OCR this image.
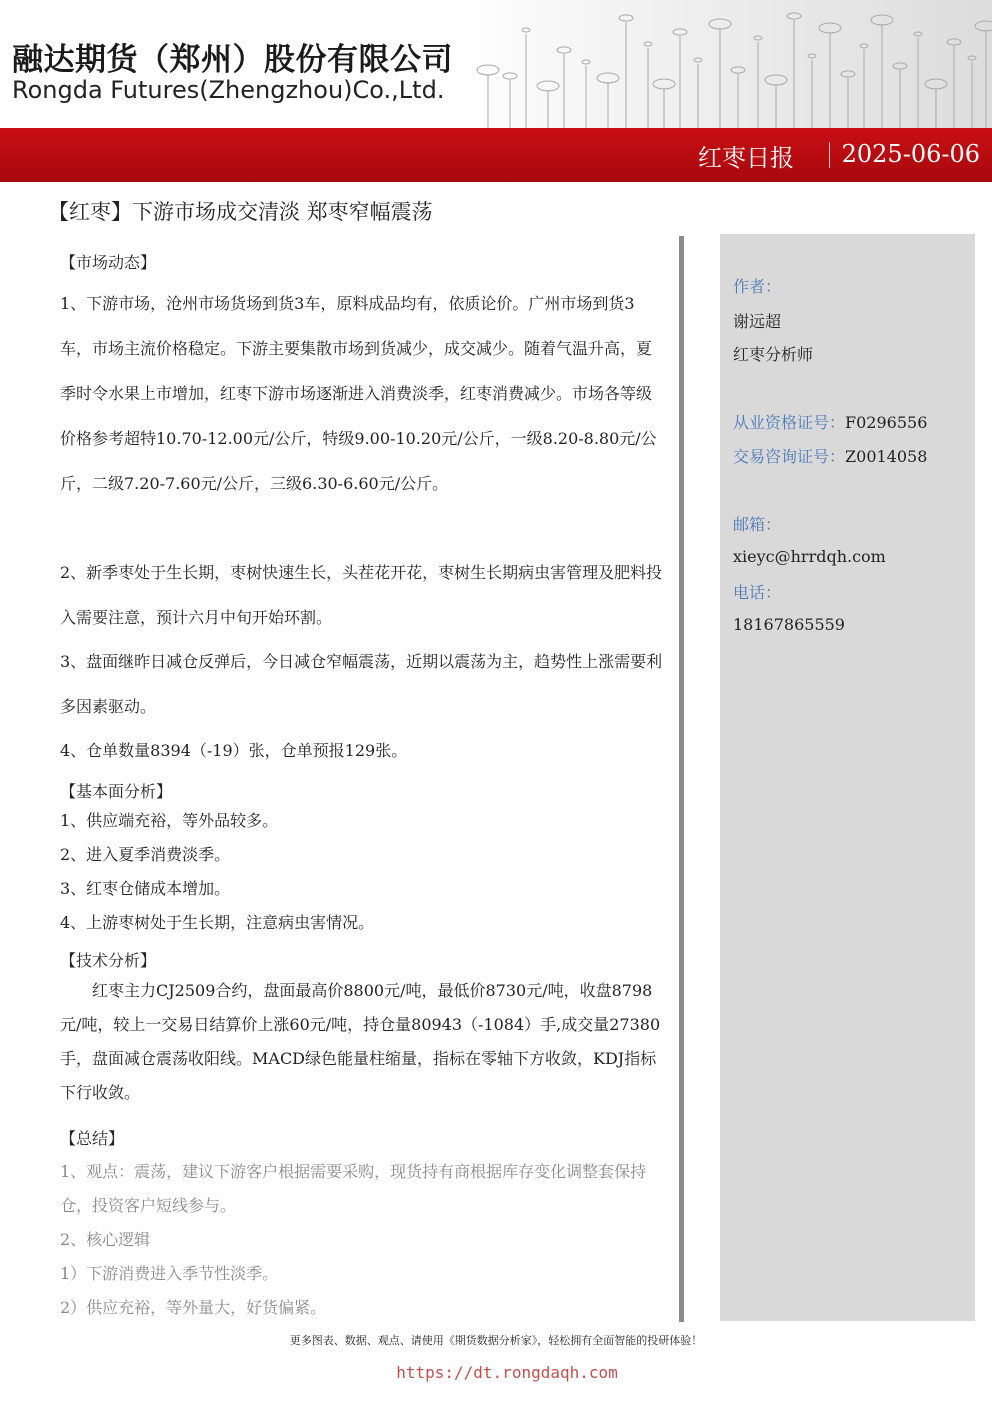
融达期货（郑州）股份有限公司
Rongda Futures(Zhengzhou)Co.,Ltd.
红枣日报 2025-06-06
【红枣】下游市场成交清淡 郑枣窄幅震荡
【市场动态】
1、下游市场，沧州市场货场到货3车，原料成品均有，依质论价。广州市场到货3车，市场主流价格稳定。下游主要集散市场到货减少，成交减少。随着气温升高，夏季时令水果上市增加，红枣下游市场逐渐进入消费淡季，红枣消费减少。市场各等级价格参考超特10.70-12.00元/公斤，特级9.00-10.20元/公斤，一级8.20-8.80元/公斤，二级7.20-7.60元/公斤，三级6.30-6.60元/公斤。
2、新季枣处于生长期，枣树快速生长，头茬花开花，枣树生长期病虫害管理及肥料投入需要注意，预计六月中旬开始环割。
3、盘面继昨日减仓反弹后，今日减仓窄幅震荡，近期以震荡为主，趋势性上涨需要利多因素驱动。
4、仓单数量8394（-19）张，仓单预报129张。
【基本面分析】
1、供应端充裕，等外品较多。
2、进入夏季消费淡季。
3、红枣仓储成本增加。
4、上游枣树处于生长期，注意病虫害情况。
【技术分析】
红枣主力CJ2509合约，盘面最高价8800元/吨，最低价8730元/吨，收盘8798元/吨，较上一交易日结算价上涨60元/吨，持仓量80943（-1084）手,成交量27380手，盘面减仓震荡收阳线。MACD绿色能量柱缩量，指标在零轴下方收敛，KDJ指标下行收敛。
【总结】
1、观点：震荡，建议下游客户根据需要采购，现货持有商根据库存变化调整套保持仓，投资客户短线参与。
2、核心逻辑
1）下游消费进入季节性淡季。
2）供应充裕，等外量大，好货偏紧。
作者：
谢远超
红枣分析师
从业资格证号：F0296556
交易咨询证号：Z0014058
邮箱：
xieyc@hrrdqh.com
电话：
18167865559
更多图表、数据、观点、请使用《期货数据分析家》，轻松拥有全面智能的投研体验！
https://dt.rongdaqh.com
